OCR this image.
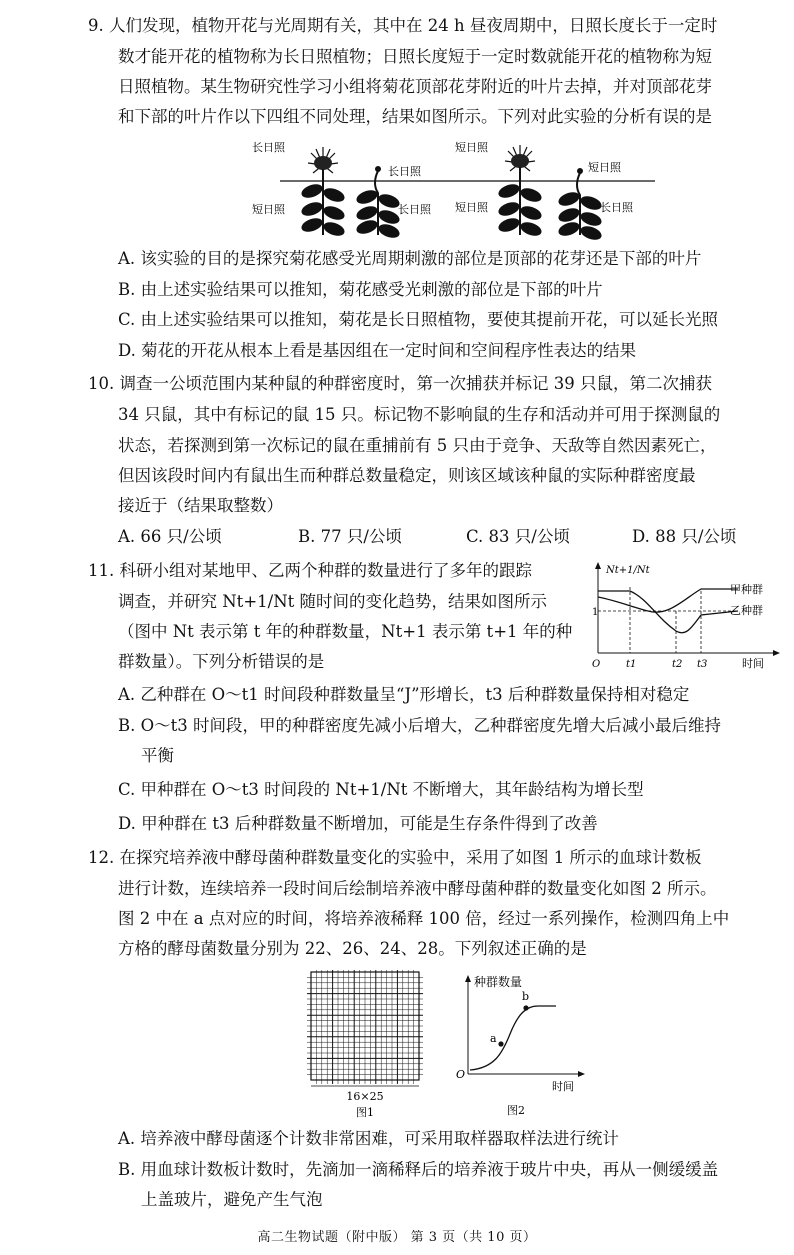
9. 人们发现，植物开花与光周期有关，其中在 24 h 昼夜周期中，日照长度长于一定时
数才能开花的植物称为长日照植物；日照长度短于一定时数就能开花的植物称为短
日照植物。某生物研究性学习小组将菊花顶部花芽附近的叶片去掉，并对顶部花芽
和下部的叶片作以下四组不同处理，结果如图所示。下列对此实验的分析有误的是
长日照
短日照
长日照
长日照
短日照
短日照
短日照
长日照
A. 该实验的目的是探究菊花感受光周期刺激的部位是顶部的花芽还是下部的叶片
B. 由上述实验结果可以推知，菊花感受光刺激的部位是下部的叶片
C. 由上述实验结果可以推知，菊花是长日照植物，要使其提前开花，可以延长光照
D. 菊花的开花从根本上看是基因组在一定时间和空间程序性表达的结果
10. 调查一公顷范围内某种鼠的种群密度时，第一次捕获并标记 39 只鼠，第二次捕获
34 只鼠，其中有标记的鼠 15 只。标记物不影响鼠的生存和活动并可用于探测鼠的
状态，若探测到第一次标记的鼠在重捕前有 5 只由于竞争、天敌等自然因素死亡，
但因该段时间内有鼠出生而种群总数量稳定，则该区域该种鼠的实际种群密度最
接近于（结果取整数）
A. 66 只/公顷	B. 77 只/公顷	C. 83 只/公顷	D. 88 只/公顷
11. 科研小组对某地甲、乙两个种群的数量进行了多年的跟踪
调查，并研究 Nt+1/Nt 随时间的变化趋势，结果如图所示
（图中 Nt 表示第 t 年的种群数量，Nt+1 表示第 t+1 年的种
群数量）。下列分析错误的是
Nt+1/Nt
1
甲种群
乙种群
O	t1	t2 t3	时间
A. 乙种群在 O～t1 时间段种群数量呈“J”形增长，t3 后种群数量保持相对稳定
B. O～t3 时间段，甲的种群密度先减小后增大，乙种群密度先增大后减小最后维持
平衡
C. 甲种群在 O～t3 时间段的 Nt+1/Nt 不断增大，其年龄结构为增长型
D. 甲种群在 t3 后种群数量不断增加，可能是生存条件得到了改善
12. 在探究培养液中酵母菌种群数量变化的实验中，采用了如图 1 所示的血球计数板
进行计数，连续培养一段时间后绘制培养液中酵母菌种群的数量变化如图 2 所示。
图 2 中在 a 点对应的时间，将培养液稀释 100 倍，经过一系列操作，检测四角上中
方格的酵母菌数量分别为 22、26、24、28。下列叙述正确的是
16×25
图1
种群数量
a
b
O
时间
图2
A. 培养液中酵母菌逐个计数非常困难，可采用取样器取样法进行统计
B. 用血球计数板计数时，先滴加一滴稀释后的培养液于玻片中央，再从一侧缓缓盖
上盖玻片，避免产生气泡
高二生物试题（附中版） 第 3 页（共 10 页）
